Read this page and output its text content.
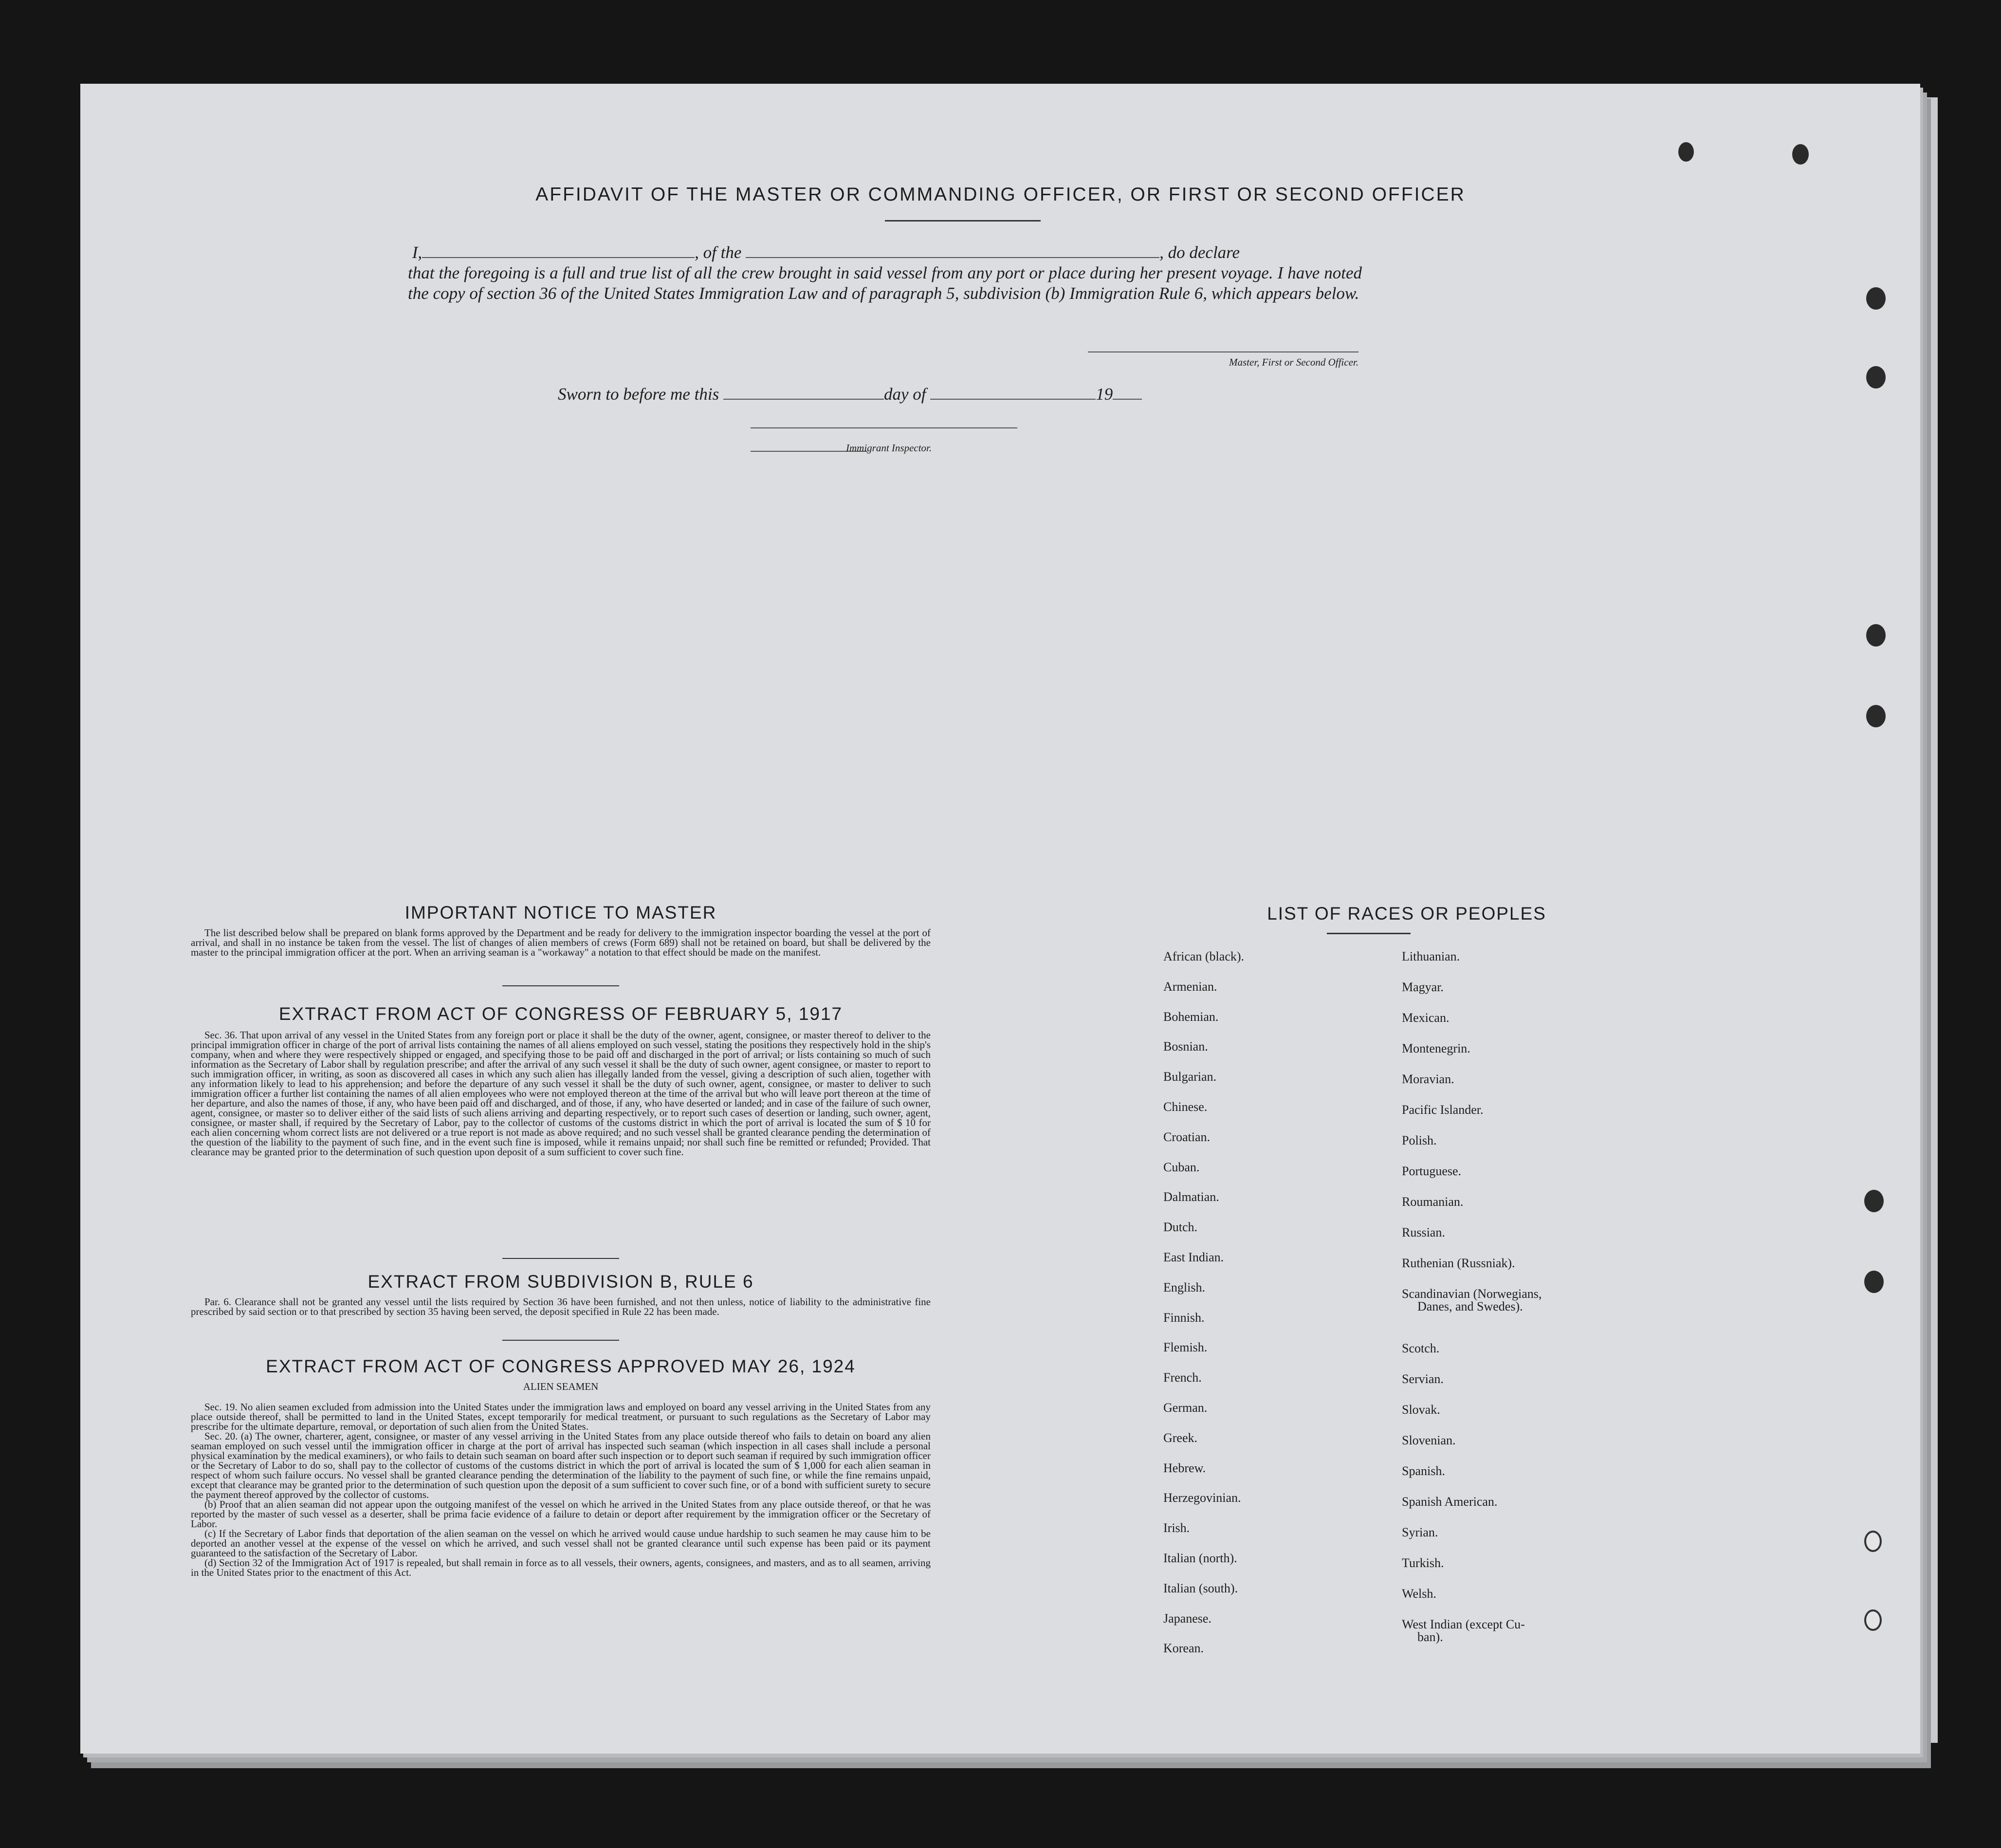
AFFIDAVIT OF THE MASTER OR COMMANDING OFFICER, OR FIRST OR SECOND OFFICER
I,	, of the	, do declare
that the foregoing is a full and true list of all the crew brought in said vessel from any port or place during her present voyage. I have noted the copy of section 36 of the United States Immigration Law and of paragraph 5, subdivision (b) Immigration Rule 6, which appears below.
Master, First or Second Officer.
Sworn to before me this	day of	19
Immigrant Inspector.
IMPORTANT NOTICE TO MASTER

The list described below shall be prepared on blank forms approved by the Department and be ready for delivery to the immigration inspector boarding the vessel at the port of arrival, and shall in no instance be taken from the vessel. The list of changes of alien members of crews (Form 689) shall not be retained on board, but shall be delivered by the master to the principal immigration officer at the port. When an arriving seaman is a "workaway" a notation to that effect should be made on the manifest.

EXTRACT FROM ACT OF CONGRESS OF FEBRUARY 5, 1917

Sec. 36. That upon arrival of any vessel in the United States from any foreign port or place it shall be the duty of the owner, agent, consignee, or master thereof to deliver to the principal immigration officer in charge of the port of arrival lists containing the names of all aliens employed on such vessel, stating the positions they respectively hold in the ship's company, when and where they were respectively shipped or engaged, and specifying those to be paid off and discharged in the port of arrival; or lists containing so much of such information as the Secretary of Labor shall by regulation prescribe; and after the arrival of any such vessel it shall be the duty of such owner, agent consignee, or master to report to such immigration officer, in writing, as soon as discovered all cases in which any such alien has illegally landed from the vessel, giving a description of such alien, together with any information likely to lead to his apprehension; and before the departure of any such vessel it shall be the duty of such owner, agent, consignee, or master to deliver to such immigration officer a further list containing the names of all alien employees who were not employed thereon at the time of the arrival but who will leave port thereon at the time of her departure, and also the names of those, if any, who have been paid off and discharged, and of those, if any, who have deserted or landed; and in case of the failure of such owner, agent, consignee, or master so to deliver either of the said lists of such aliens arriving and departing respectively, or to report such cases of desertion or landing, such owner, agent, consignee, or master shall, if required by the Secretary of Labor, pay to the collector of customs of the customs district in which the port of arrival is located the sum of $ 10 for each alien concerning whom correct lists are not delivered or a true report is not made as above required; and no such vessel shall be granted clearance pending the determination of the question of the liability to the payment of such fine, and in the event such fine is imposed, while it remains unpaid; nor shall such fine be remitted or refunded; Provided. That clearance may be granted prior to the determination of such question upon deposit of a sum sufficient to cover such fine.

EXTRACT FROM SUBDIVISION B, RULE 6

Par. 6. Clearance shall not be granted any vessel until the lists required by Section 36 have been furnished, and not then unless, notice of liability to the administrative fine prescribed by said section or to that prescribed by section 35 having been served, the deposit specified in Rule 22 has been made.

EXTRACT FROM ACT OF CONGRESS APPROVED MAY 26, 1924
ALIEN SEAMEN

Sec. 19. No alien seamen excluded from admission into the United States under the immigration laws and employed on board any vessel arriving in the United States from any place outside thereof, shall be permitted to land in the United States, except temporarily for medical treatment, or pursuant to such regulations as the Secretary of Labor may prescribe for the ultimate departure, removal, or deportation of such alien from the United States.

Sec. 20. (a) The owner, charterer, agent, consignee, or master of any vessel arriving in the United States from any place outside thereof who fails to detain on board any alien seaman employed on such vessel until the immigration officer in charge at the port of arrival has inspected such seaman (which inspection in all cases shall include a personal physical examination by the medical examiners), or who fails to detain such seaman on board after such inspection or to deport such seaman if required by such immigration officer or the Secretary of Labor to do so, shall pay to the collector of customs of the customs district in which the port of arrival is located the sum of $ 1,000 for each alien seaman in respect of whom such failure occurs. No vessel shall be granted clearance pending the determination of the liability to the payment of such fine, or while the fine remains unpaid, except that clearance may be granted prior to the determination of such question upon the deposit of a sum sufficient to cover such fine, or of a bond with sufficient surety to secure the payment thereof approved by the collector of customs.

(b) Proof that an alien seaman did not appear upon the outgoing manifest of the vessel on which he arrived in the United States from any place outside thereof, or that he was reported by the master of such vessel as a deserter, shall be prima facie evidence of a failure to detain or deport after requirement by the immigration officer or the Secretary of Labor.

(c) If the Secretary of Labor finds that deportation of the alien seaman on the vessel on which he arrived would cause undue hardship to such seamen he may cause him to be deported an another vessel at the expense of the vessel on which he arrived, and such vessel shall not be granted clearance until such expense has been paid or its payment guaranteed to the satisfaction of the Secretary of Labor.

(d) Section 32 of the Immigration Act of 1917 is repealed, but shall remain in force as to all vessels, their owners, agents, consignees, and masters, and as to all seamen, arriving in the United States prior to the enactment of this Act.

LIST OF RACES OR PEOPLES
African (black).
Armenian.
Bohemian.
Bosnian.
Bulgarian.
Chinese.
Croatian.
Cuban.
Dalmatian.
Dutch.
East Indian.
English.
Finnish.
Flemish.
French.
German.
Greek.
Hebrew.
Herzegovinian.
Irish.
Italian (north).
Italian (south).
Japanese.
Korean.
Lithuanian.
Magyar.
Mexican.
Montenegrin.
Moravian.
Pacific Islander.
Polish.
Portuguese.
Roumanian.
Russian.
Ruthenian (Russniak).
Scandinavian (Norwegians,
Danes, and Swedes).
Scotch.
Servian.
Slovak.
Slovenian.
Spanish.
Spanish American.
Syrian.
Turkish.
Welsh.
West Indian (except Cu-
ban).
